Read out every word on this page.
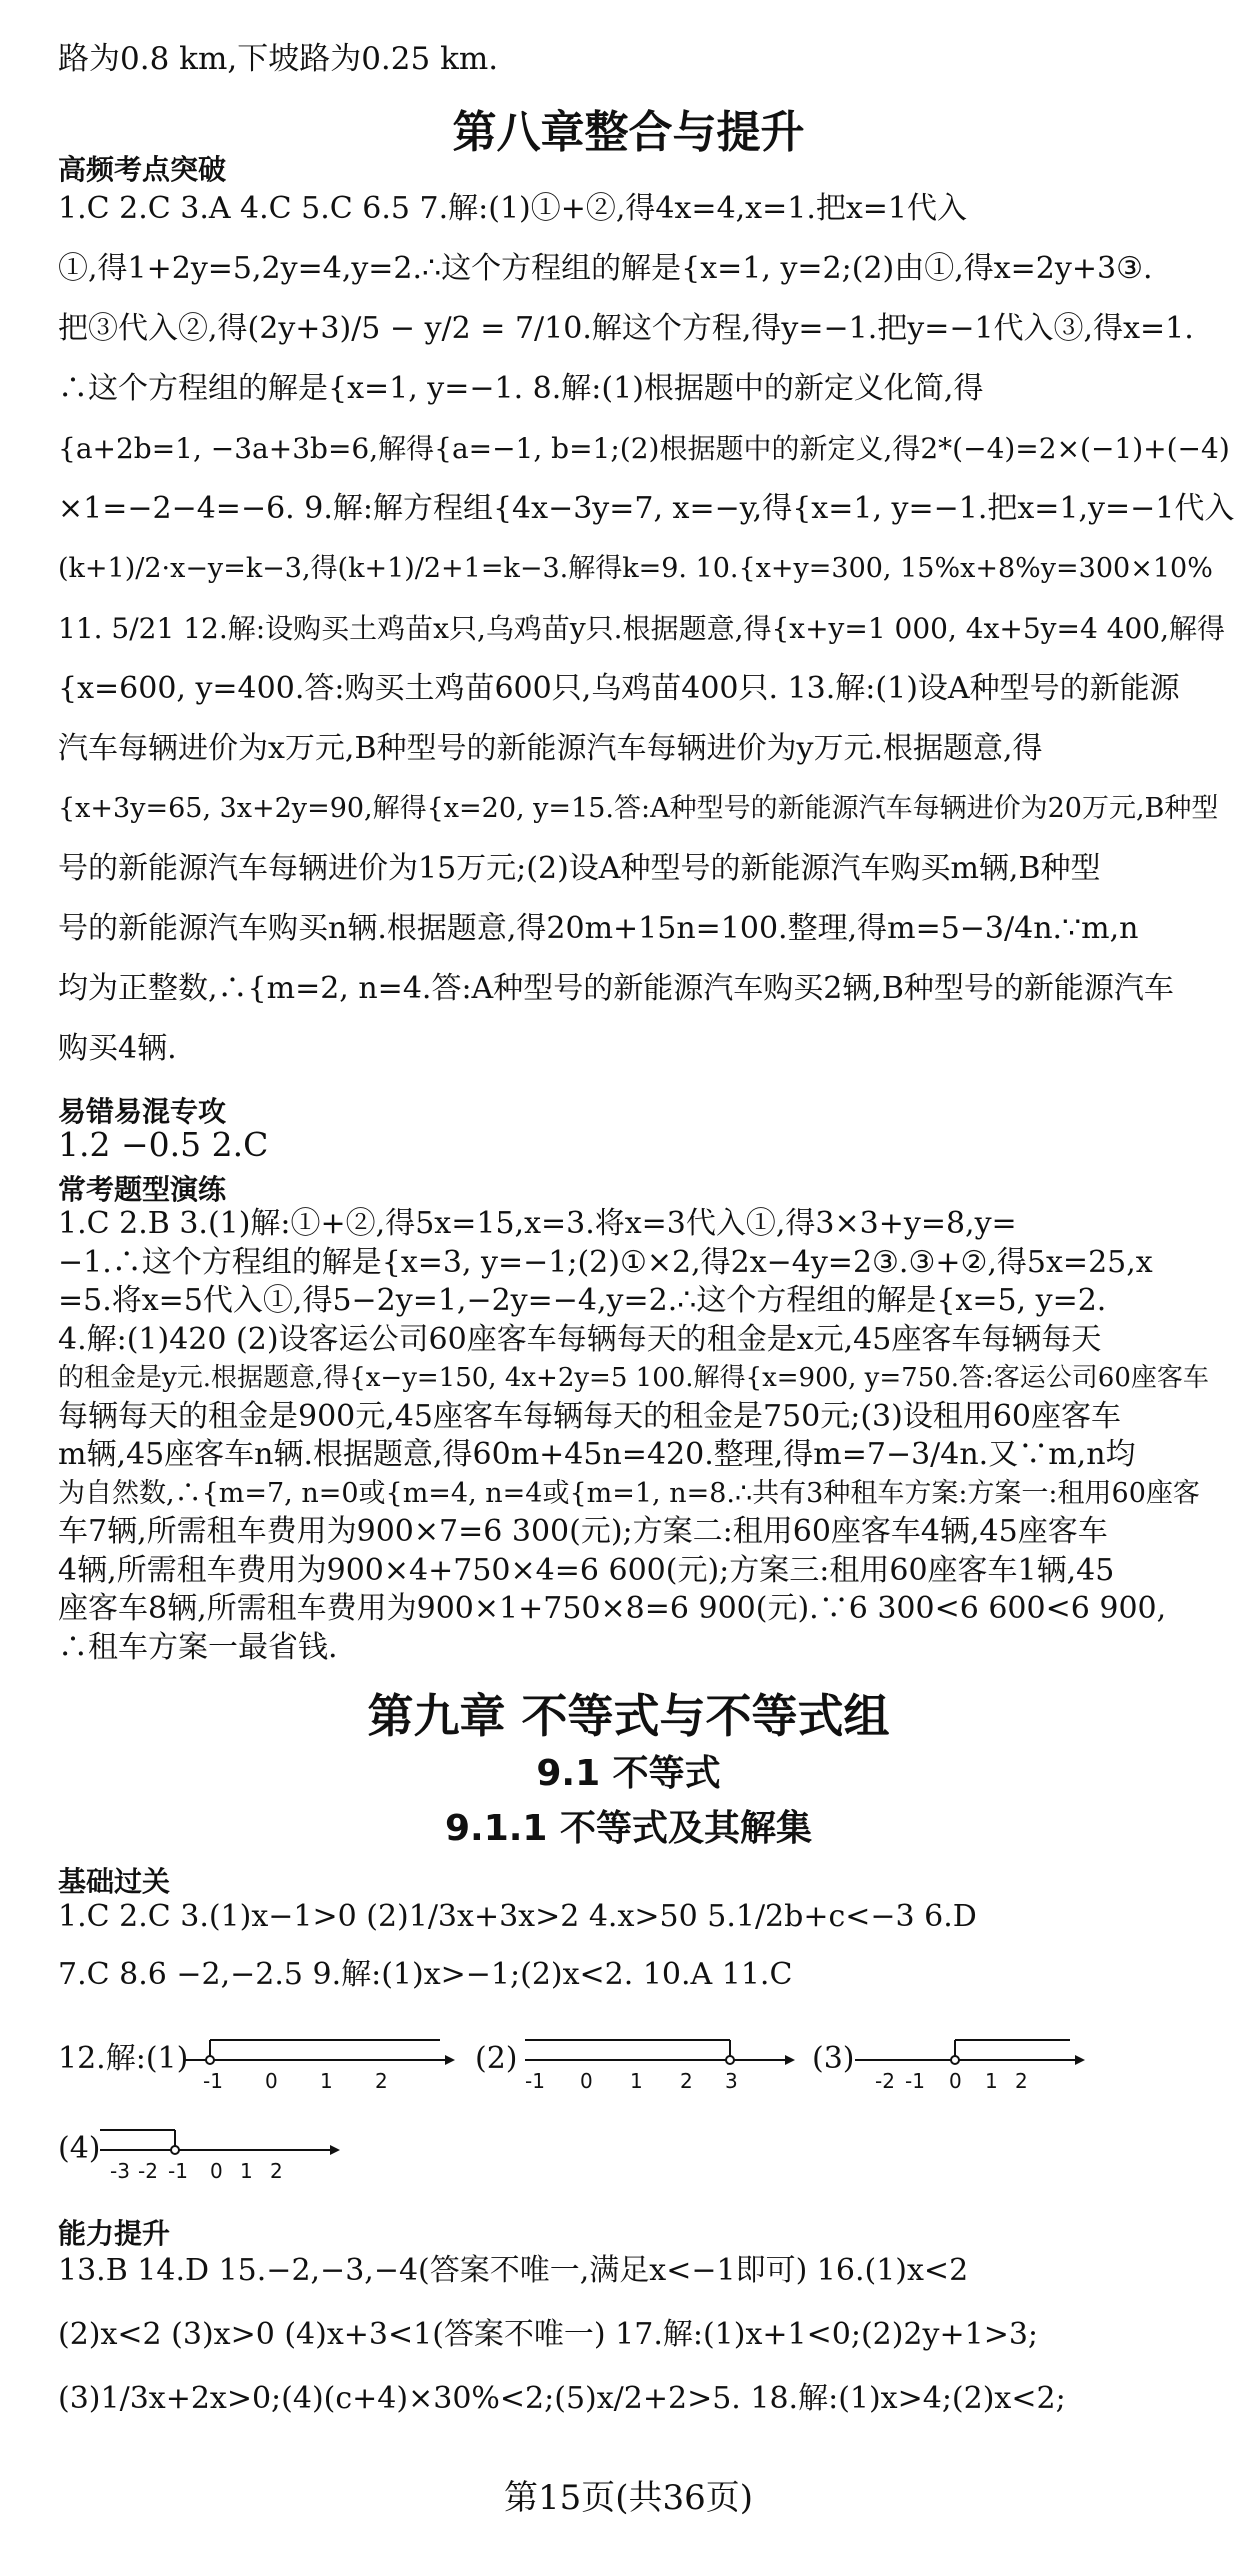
路为0.8 km,下坡路为0.25 km.
第八章整合与提升
高频考点突破
1.C 2.C 3.A 4.C 5.C 6.5 7.解:(1)①+②,得4x=4,x=1.把x=1代入
①,得1+2y=5,2y=4,y=2.∴这个方程组的解是{x=1, y=2;(2)由①,得x=2y+3③.
把③代入②,得(2y+3)/5 − y/2 = 7/10.解这个方程,得y=−1.把y=−1代入③,得x=1.
∴这个方程组的解是{x=1, y=−1. 8.解:(1)根据题中的新定义化简,得
{a+2b=1, −3a+3b=6,解得{a=−1, b=1;(2)根据题中的新定义,得2*(−4)=2×(−1)+(−4)
×1=−2−4=−6. 9.解:解方程组{4x−3y=7, x=−y,得{x=1, y=−1.把x=1,y=−1代入
(k+1)/2·x−y=k−3,得(k+1)/2+1=k−3.解得k=9. 10.{x+y=300, 15%x+8%y=300×10%
11. 5/21 12.解:设购买土鸡苗x只,乌鸡苗y只.根据题意,得{x+y=1 000, 4x+5y=4 400,解得
{x=600, y=400.答:购买土鸡苗600只,乌鸡苗400只. 13.解:(1)设A种型号的新能源
汽车每辆进价为x万元,B种型号的新能源汽车每辆进价为y万元.根据题意,得
{x+3y=65, 3x+2y=90,解得{x=20, y=15.答:A种型号的新能源汽车每辆进价为20万元,B种型
号的新能源汽车每辆进价为15万元;(2)设A种型号的新能源汽车购买m辆,B种型
号的新能源汽车购买n辆.根据题意,得20m+15n=100.整理,得m=5−3/4n.∵m,n
均为正整数,∴{m=2, n=4.答:A种型号的新能源汽车购买2辆,B种型号的新能源汽车
购买4辆.
易错易混专攻
1.2 −0.5 2.C
常考题型演练
1.C 2.B 3.(1)解:①+②,得5x=15,x=3.将x=3代入①,得3×3+y=8,y=
−1.∴这个方程组的解是{x=3, y=−1;(2)①×2,得2x−4y=2③.③+②,得5x=25,x
=5.将x=5代入①,得5−2y=1,−2y=−4,y=2.∴这个方程组的解是{x=5, y=2.
4.解:(1)420 (2)设客运公司60座客车每辆每天的租金是x元,45座客车每辆每天
的租金是y元.根据题意,得{x−y=150, 4x+2y=5 100.解得{x=900, y=750.答:客运公司60座客车
每辆每天的租金是900元,45座客车每辆每天的租金是750元;(3)设租用60座客车
m辆,45座客车n辆.根据题意,得60m+45n=420.整理,得m=7−3/4n.又∵m,n均
为自然数,∴{m=7, n=0或{m=4, n=4或{m=1, n=8.∴共有3种租车方案:方案一:租用60座客
车7辆,所需租车费用为900×7=6 300(元);方案二:租用60座客车4辆,45座客车
4辆,所需租车费用为900×4+750×4=6 600(元);方案三:租用60座客车1辆,45
座客车8辆,所需租车费用为900×1+750×8=6 900(元).∵6 300<6 600<6 900,
∴租车方案一最省钱.
第九章 不等式与不等式组
9.1 不等式
9.1.1 不等式及其解集
基础过关
1.C 2.C 3.(1)x−1>0 (2)1/3x+3x>2 4.x>50 5.1/2b+c<−3 6.D
7.C 8.6 −2,−2.5 9.解:(1)x>−1;(2)x<2. 10.A 11.C
12.解:(1)	(2)	(3)
(4)
-1 0 1 2	-1 0 1 2 3	-2 -1 0 1 2
-3 -2 -1 0 1 2
能力提升
13.B 14.D 15.−2,−3,−4(答案不唯一,满足x<−1即可) 16.(1)x<2
(2)x<2 (3)x>0 (4)x+3<1(答案不唯一) 17.解:(1)x+1<0;(2)2y+1>3;
(3)1/3x+2x>0;(4)(c+4)×30%<2;(5)x/2+2>5. 18.解:(1)x>4;(2)x<2;
第15页(共36页)
